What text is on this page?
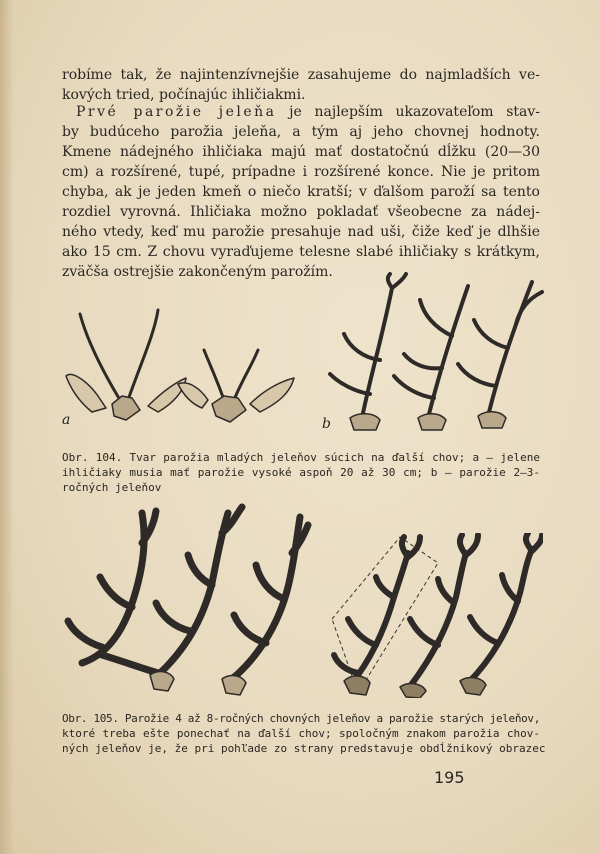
robíme tak, že najintenzívnejšie zasahujeme do najmladších ve-
kových tried, počínajúc ihličiakmi.

Prvé parožie jeleňa je najlepším ukazovateľom stav-
by budúceho parožia jeleňa, a tým aj jeho chovnej hodnoty.
Kmene nádejného ihličiaka majú mať dostatočnú dĺžku (20—30
cm) a rozšírené, tupé, prípadne i rozšírené konce. Nie je pritom
chyba, ak je jeden kmeň o niečo kratší; v ďalšom paroží sa tento
rozdiel vyrovná. Ihličiaka možno pokladať všeobecne za nádej-
ného vtedy, keď mu parožie presahuje nad uši, čiže keď je dlhšie
ako 15 cm. Z chovu vyraďujeme telesne slabé ihličiaky s krátkym,
zväčša ostrejšie zakončeným parožím.

a	b

Obr. 104. Tvar parožia mladých jeleňov súcich na ďalší chov; a — jelene
ihličiaky musia mať parožie vysoké aspoň 20 až 30 cm; b — parožie 2—3-
ročných jeleňov

Obr. 105. Parožie 4 až 8-ročných chovných jeleňov a parožie starých jeleňov,
ktoré treba ešte ponechať na ďalší chov; spoločným znakom parožia chov-
ných jeleňov je, že pri pohľade zo strany predstavuje obdĺžnikový obrazec

195
